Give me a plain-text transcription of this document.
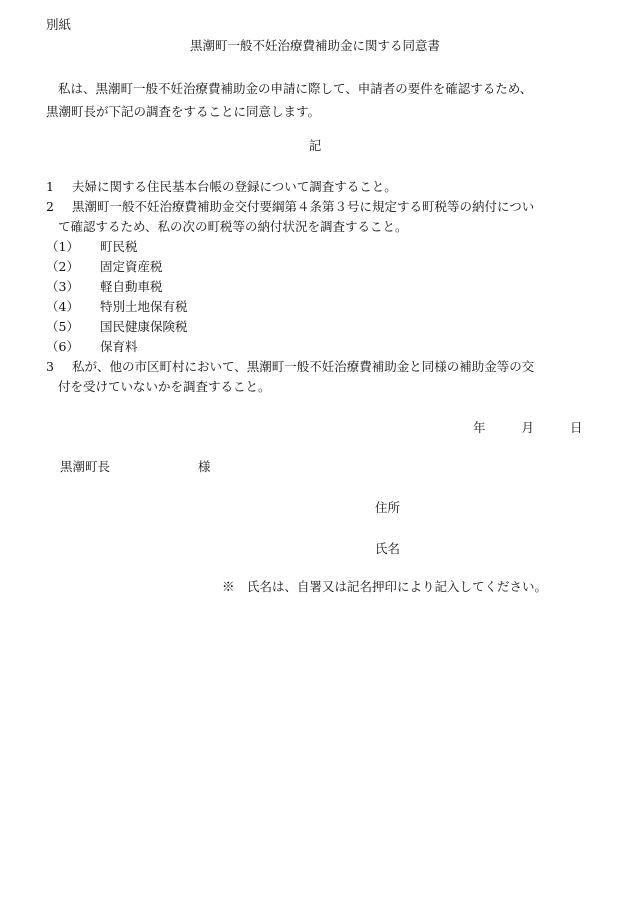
別紙
黒潮町一般不妊治療費補助金に関する同意書
私は、黒潮町一般不妊治療費補助金の申請に際して、申請者の要件を確認するため、
黒潮町長が下記の調査をすることに同意します。
記
1	夫婦に関する住民基本台帳の登録について調査すること。
2	黒潮町一般不妊治療費補助金交付要綱第４条第３号に規定する町税等の納付につい
て確認するため、私の次の町税等の納付状況を調査すること。
（1） 町民税
（2） 固定資産税
（3） 軽自動車税
（4） 特別土地保有税
（5） 国民健康保険税
（6） 保育料
3	私が、他の市区町村において、黒潮町一般不妊治療費補助金と同様の補助金等の交
付を受けていないかを調査すること。
年	月	日
黒潮町長	様
住所
氏名
※　氏名は、自署又は記名押印により記入してください。
